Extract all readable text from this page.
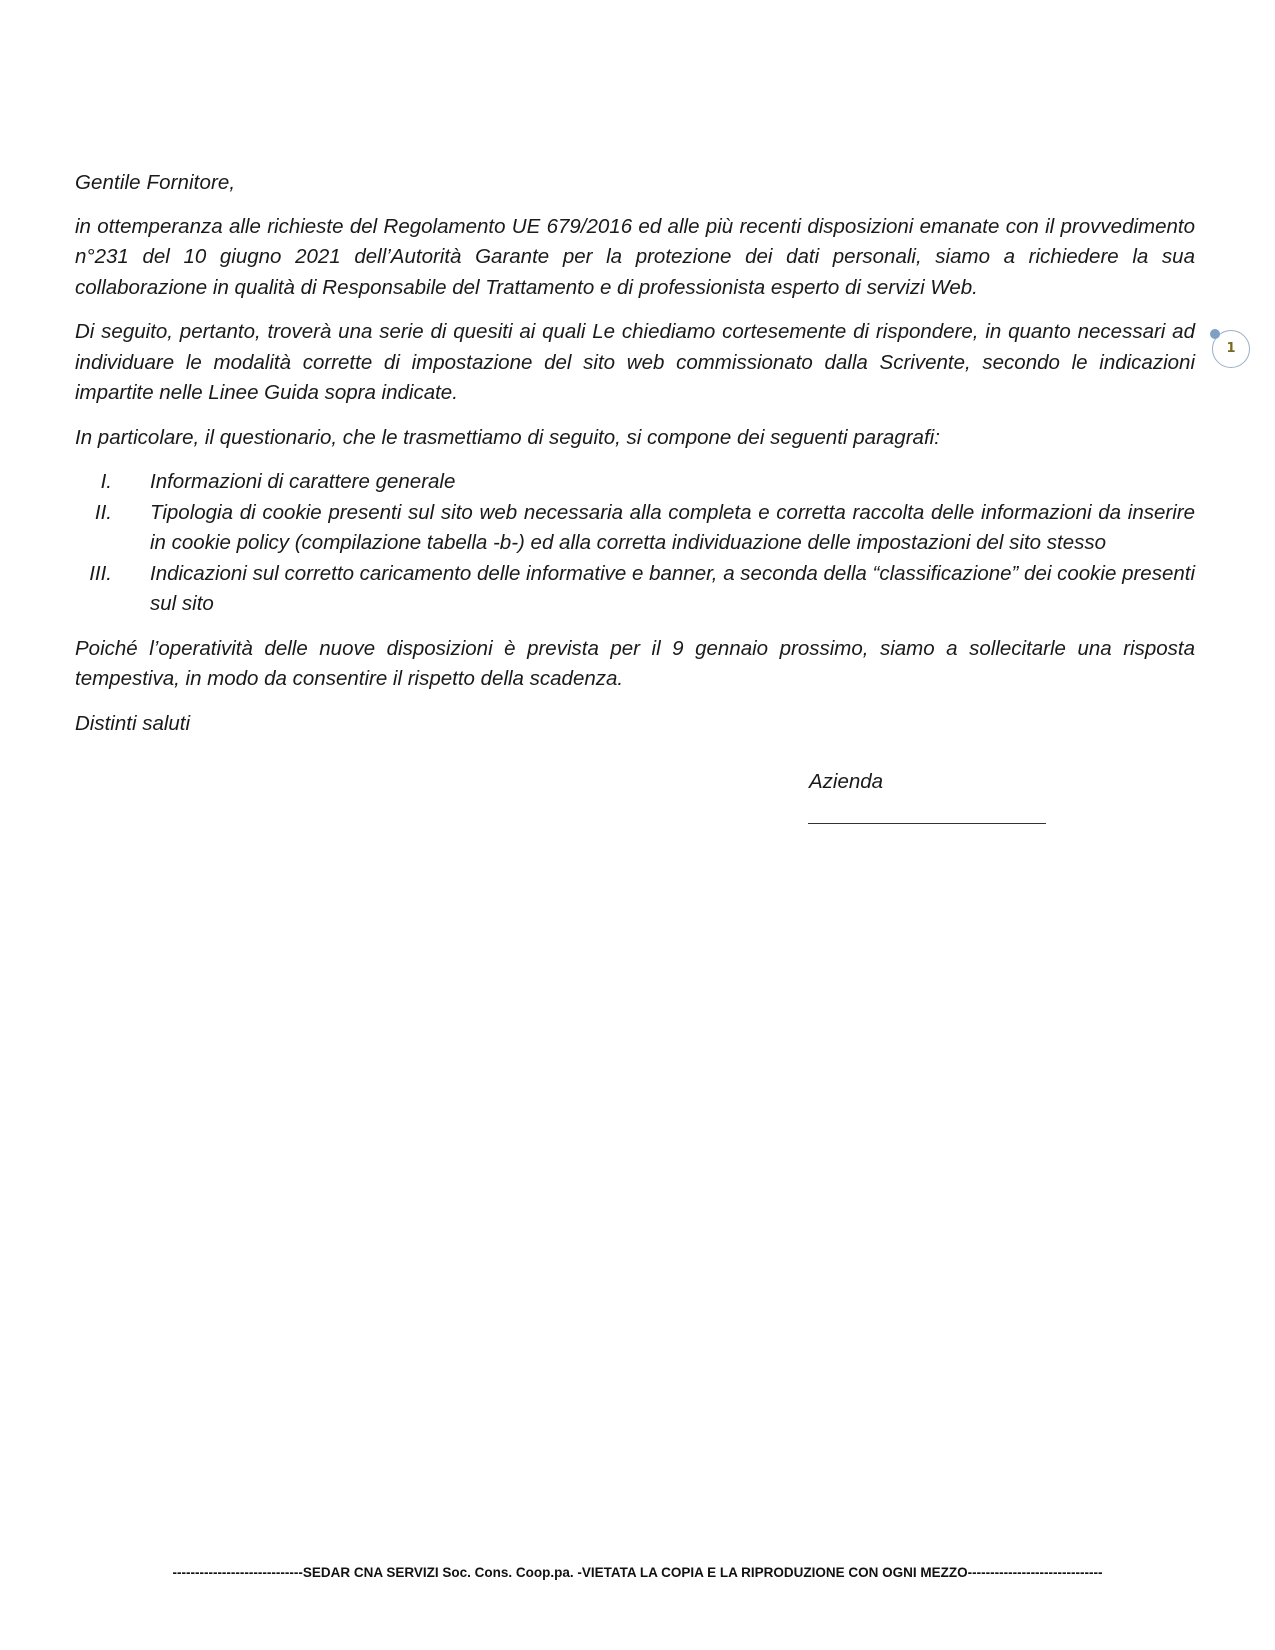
Gentile Fornitore,

in ottemperanza alle richieste del Regolamento UE 679/2016 ed alle più recenti disposizioni emanate con il provvedimento n°231 del 10 giugno 2021 dell’Autorità Garante per la protezione dei dati personali, siamo a richiedere la sua collaborazione in qualità di Responsabile del Trattamento e di professionista esperto di servizi Web.

Di seguito, pertanto, troverà una serie di quesiti ai quali Le chiediamo cortesemente di rispondere, in quanto necessari ad individuare le modalità corrette di impostazione del sito web commissionato dalla Scrivente, secondo le indicazioni impartite nelle Linee Guida sopra indicate.

In particolare, il questionario, che le trasmettiamo di seguito, si compone dei seguenti paragrafi:

I. Informazioni di carattere generale
II. Tipologia di cookie presenti sul sito web necessaria alla completa e corretta raccolta delle informazioni da inserire in cookie policy (compilazione tabella -b-) ed alla corretta individuazione delle impostazioni del sito stesso
III. Indicazioni sul corretto caricamento delle informative e banner, a seconda della “classificazione” dei cookie presenti sul sito

Poiché l’operatività delle nuove disposizioni è prevista per il 9 gennaio prossimo, siamo a sollecitarle una risposta tempestiva, in modo da consentire il rispetto della scadenza.

Distinti saluti

Azienda
1
-----------------------------SEDAR CNA SERVIZI Soc. Cons. Coop.pa. -VIETATA LA COPIA E LA RIPRODUZIONE CON OGNI MEZZO------------------------------
